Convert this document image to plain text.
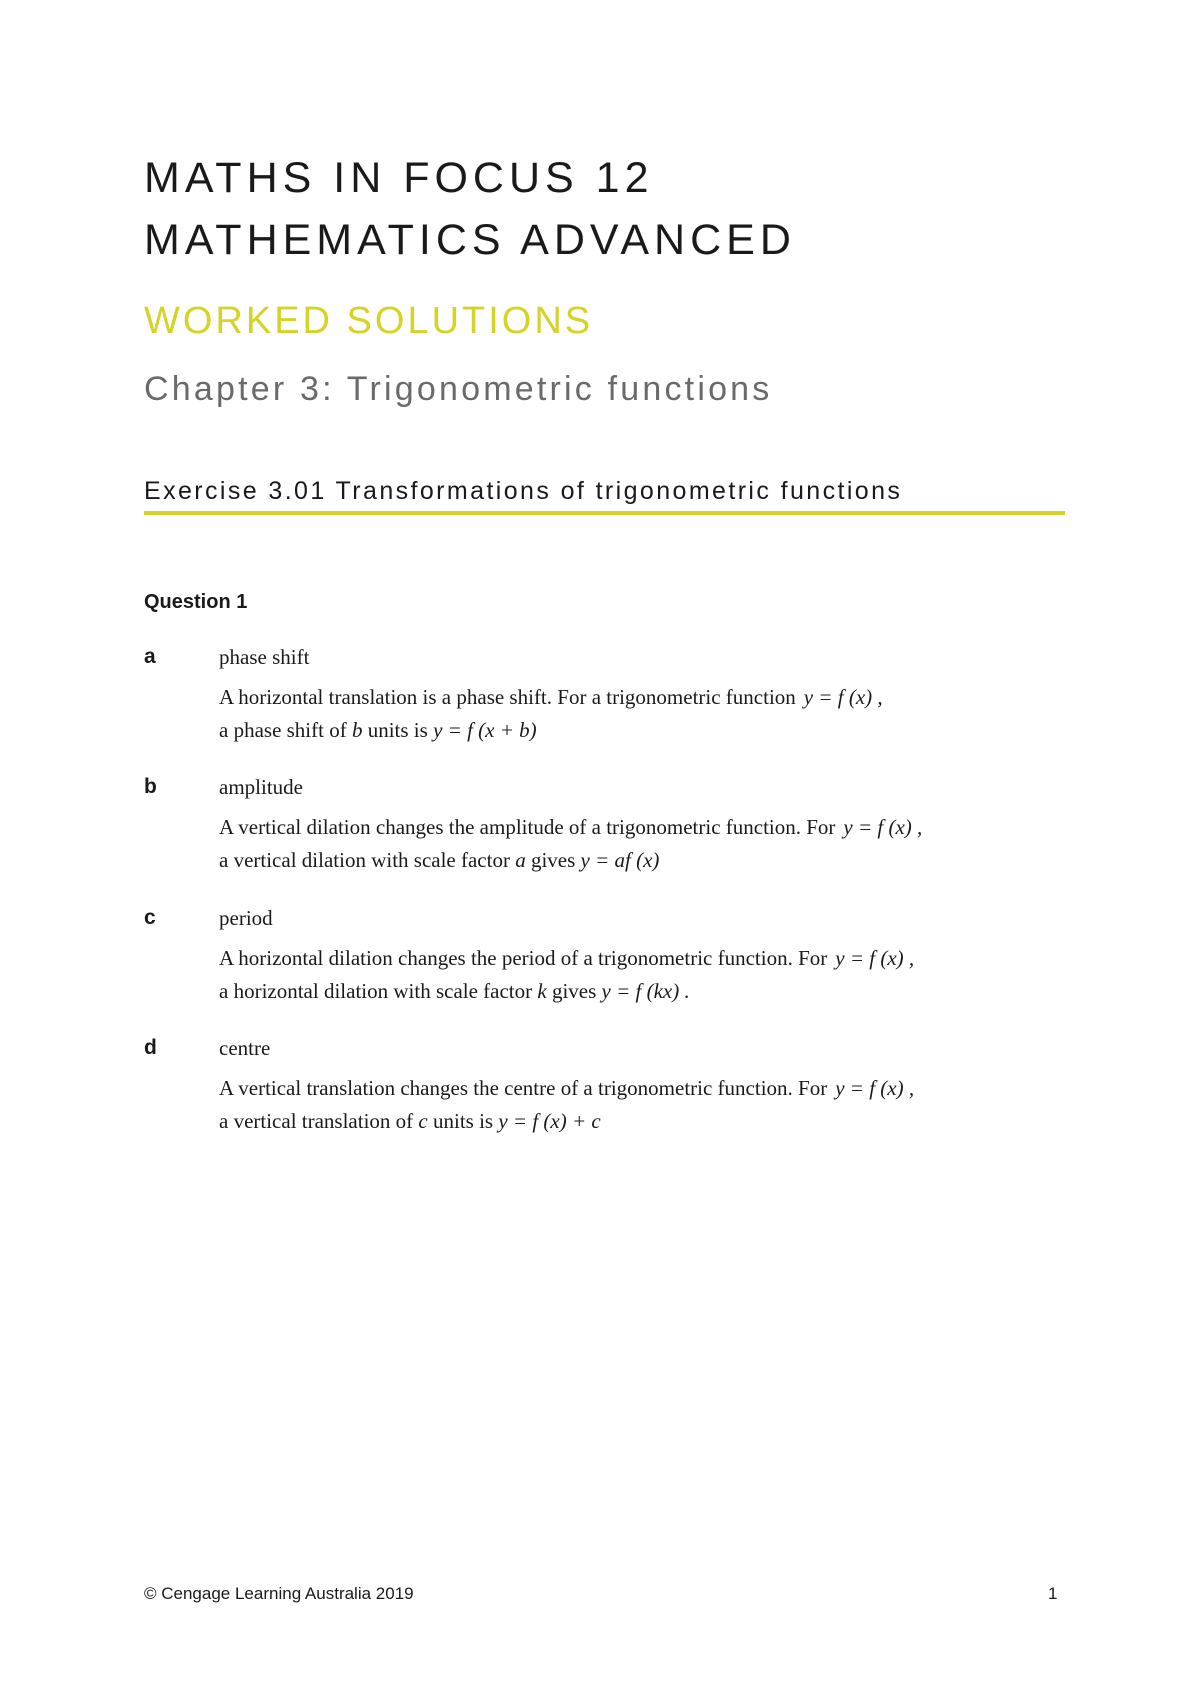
MATHS IN FOCUS 12
MATHEMATICS ADVANCED
WORKED SOLUTIONS
Chapter 3: Trigonometric functions
Exercise 3.01 Transformations of trigonometric functions
Question 1
a	phase shift
A horizontal translation is a phase shift. For a trigonometric function y = f (x) ,
a phase shift of b units is y = f (x + b)
b	amplitude
A vertical dilation changes the amplitude of a trigonometric function. For y = f (x) ,
a vertical dilation with scale factor a gives y = af (x)
c	period
A horizontal dilation changes the period of a trigonometric function. For y = f (x) ,
a horizontal dilation with scale factor k gives y = f (kx) .
d	centre
A vertical translation changes the centre of a trigonometric function. For y = f (x) ,
a vertical translation of c units is y = f (x) + c
© Cengage Learning Australia 2019	1
